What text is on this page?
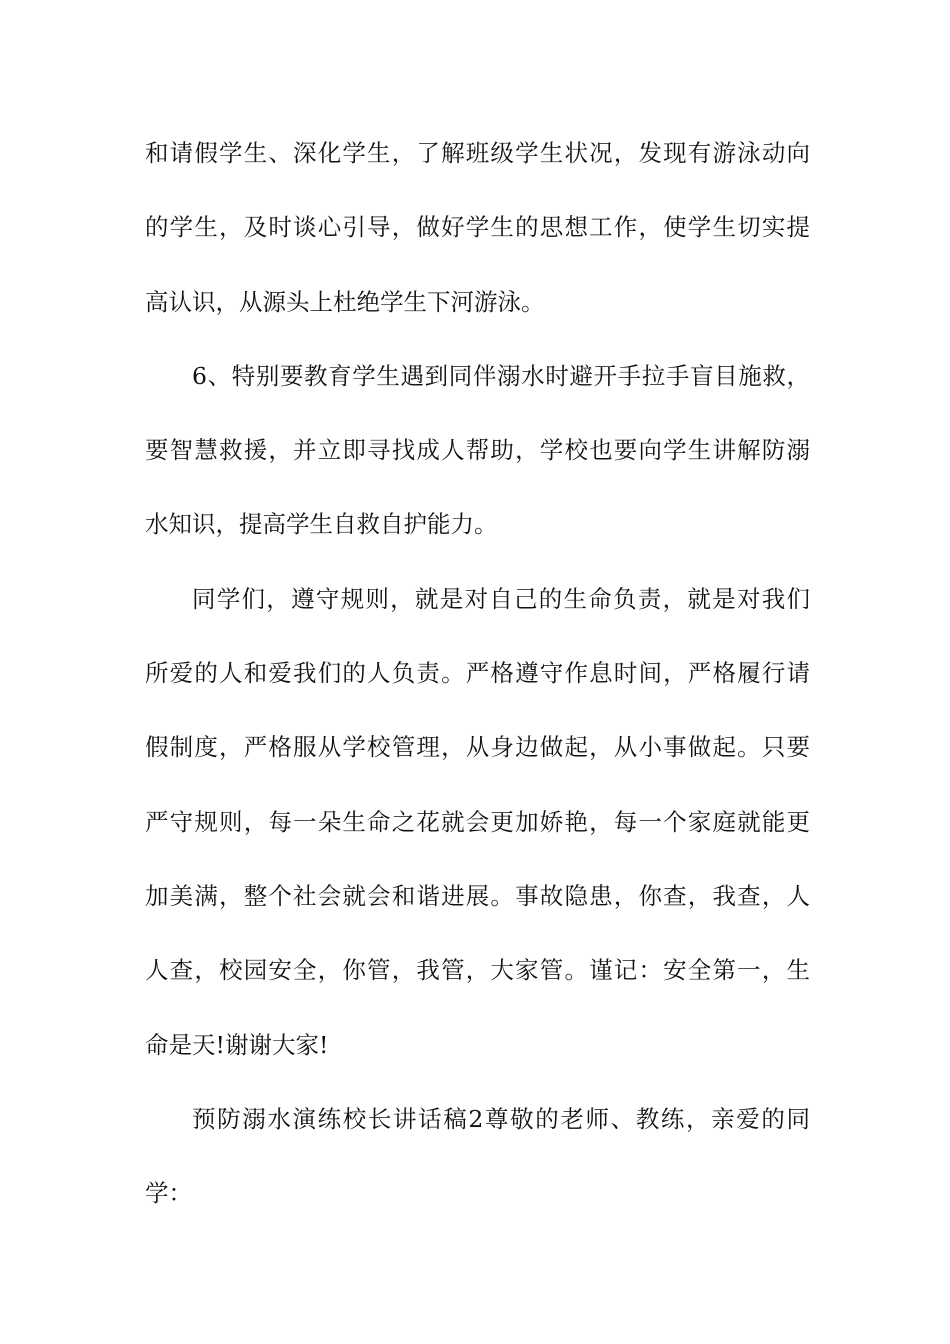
和请假学生、深化学生，了解班级学生状况，发现有游泳动向
的学生，及时谈心引导，做好学生的思想工作，使学生切实提
高认识，从源头上杜绝学生下河游泳。
6、特别要教育学生遇到同伴溺水时避开手拉手盲目施救，
要智慧救援，并立即寻找成人帮助，学校也要向学生讲解防溺
水知识，提高学生自救自护能力。
同学们，遵守规则，就是对自己的生命负责，就是对我们
所爱的人和爱我们的人负责。严格遵守作息时间，严格履行请
假制度，严格服从学校管理，从身边做起，从小事做起。只要
严守规则，每一朵生命之花就会更加娇艳，每一个家庭就能更
加美满，整个社会就会和谐进展。事故隐患，你查，我查，人
人查，校园安全，你管，我管，大家管。谨记：安全第一，生
命是天!谢谢大家!
预防溺水演练校长讲话稿2尊敬的老师、教练，亲爱的同
学：
